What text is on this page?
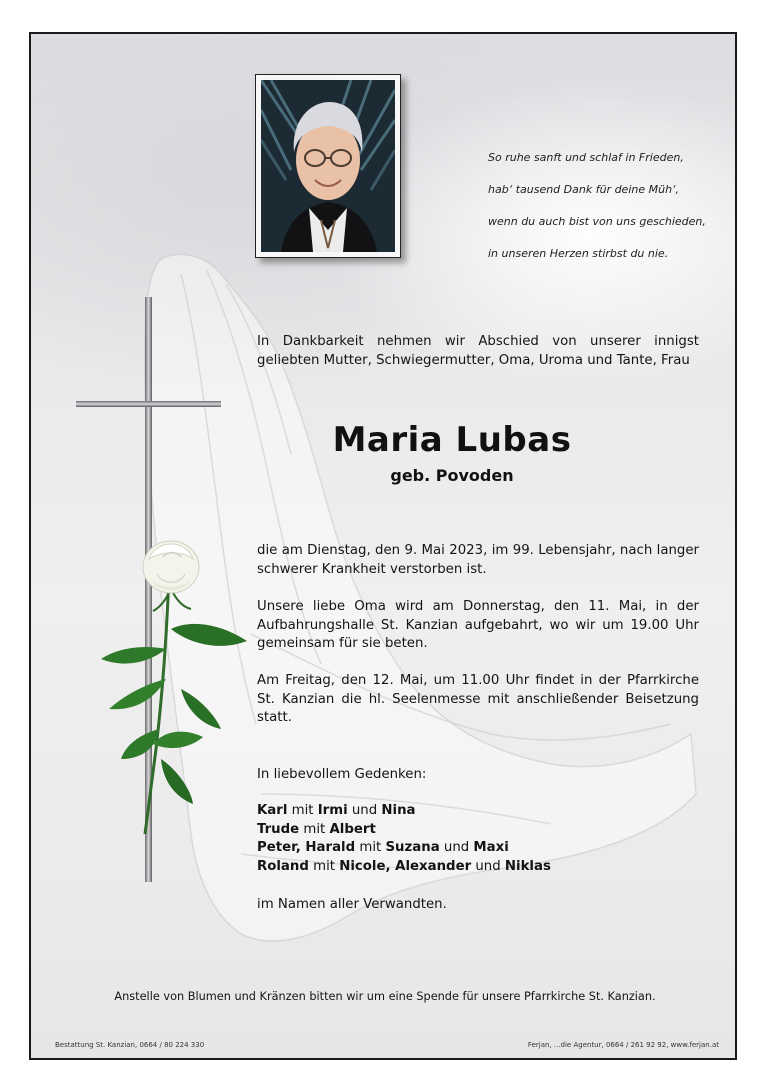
So ruhe sanft und schlaf in Frieden,

hab‘ tausend Dank für deine Müh‘,

wenn du auch bist von uns geschieden,

in unseren Herzen stirbst du nie.

In Dankbarkeit nehmen wir Abschied von unserer innigst geliebten Mutter, Schwiegermutter, Oma, Uroma und Tante, Frau
Maria Lubas
geb. Povoden
die am Dienstag, den 9. Mai 2023, im 99. Lebensjahr, nach langer schwerer Krankheit verstorben ist.
Unsere liebe Oma wird am Donnerstag, den 11. Mai, in der Aufbahrungshalle St. Kanzian aufgebahrt, wo wir um 19.00 Uhr gemeinsam für sie beten.
Am Freitag, den 12. Mai, um 11.00 Uhr findet in der Pfarrkirche St. Kanzian die hl. Seelenmesse mit anschließender Beisetzung statt.
In liebevollem Gedenken:
Karl mit Irmi und Nina
Trude mit Albert
Peter, Harald mit Suzana und Maxi
Roland mit Nicole, Alexander und Niklas
im Namen aller Verwandten.
Anstelle von Blumen und Kränzen bitten wir um eine Spende für unsere Pfarrkirche St. Kanzian.
Bestattung St. Kanzian, 0664 / 80 224 330	Ferjan, ...die Agentur, 0664 / 261 92 92, www.ferjan.at
